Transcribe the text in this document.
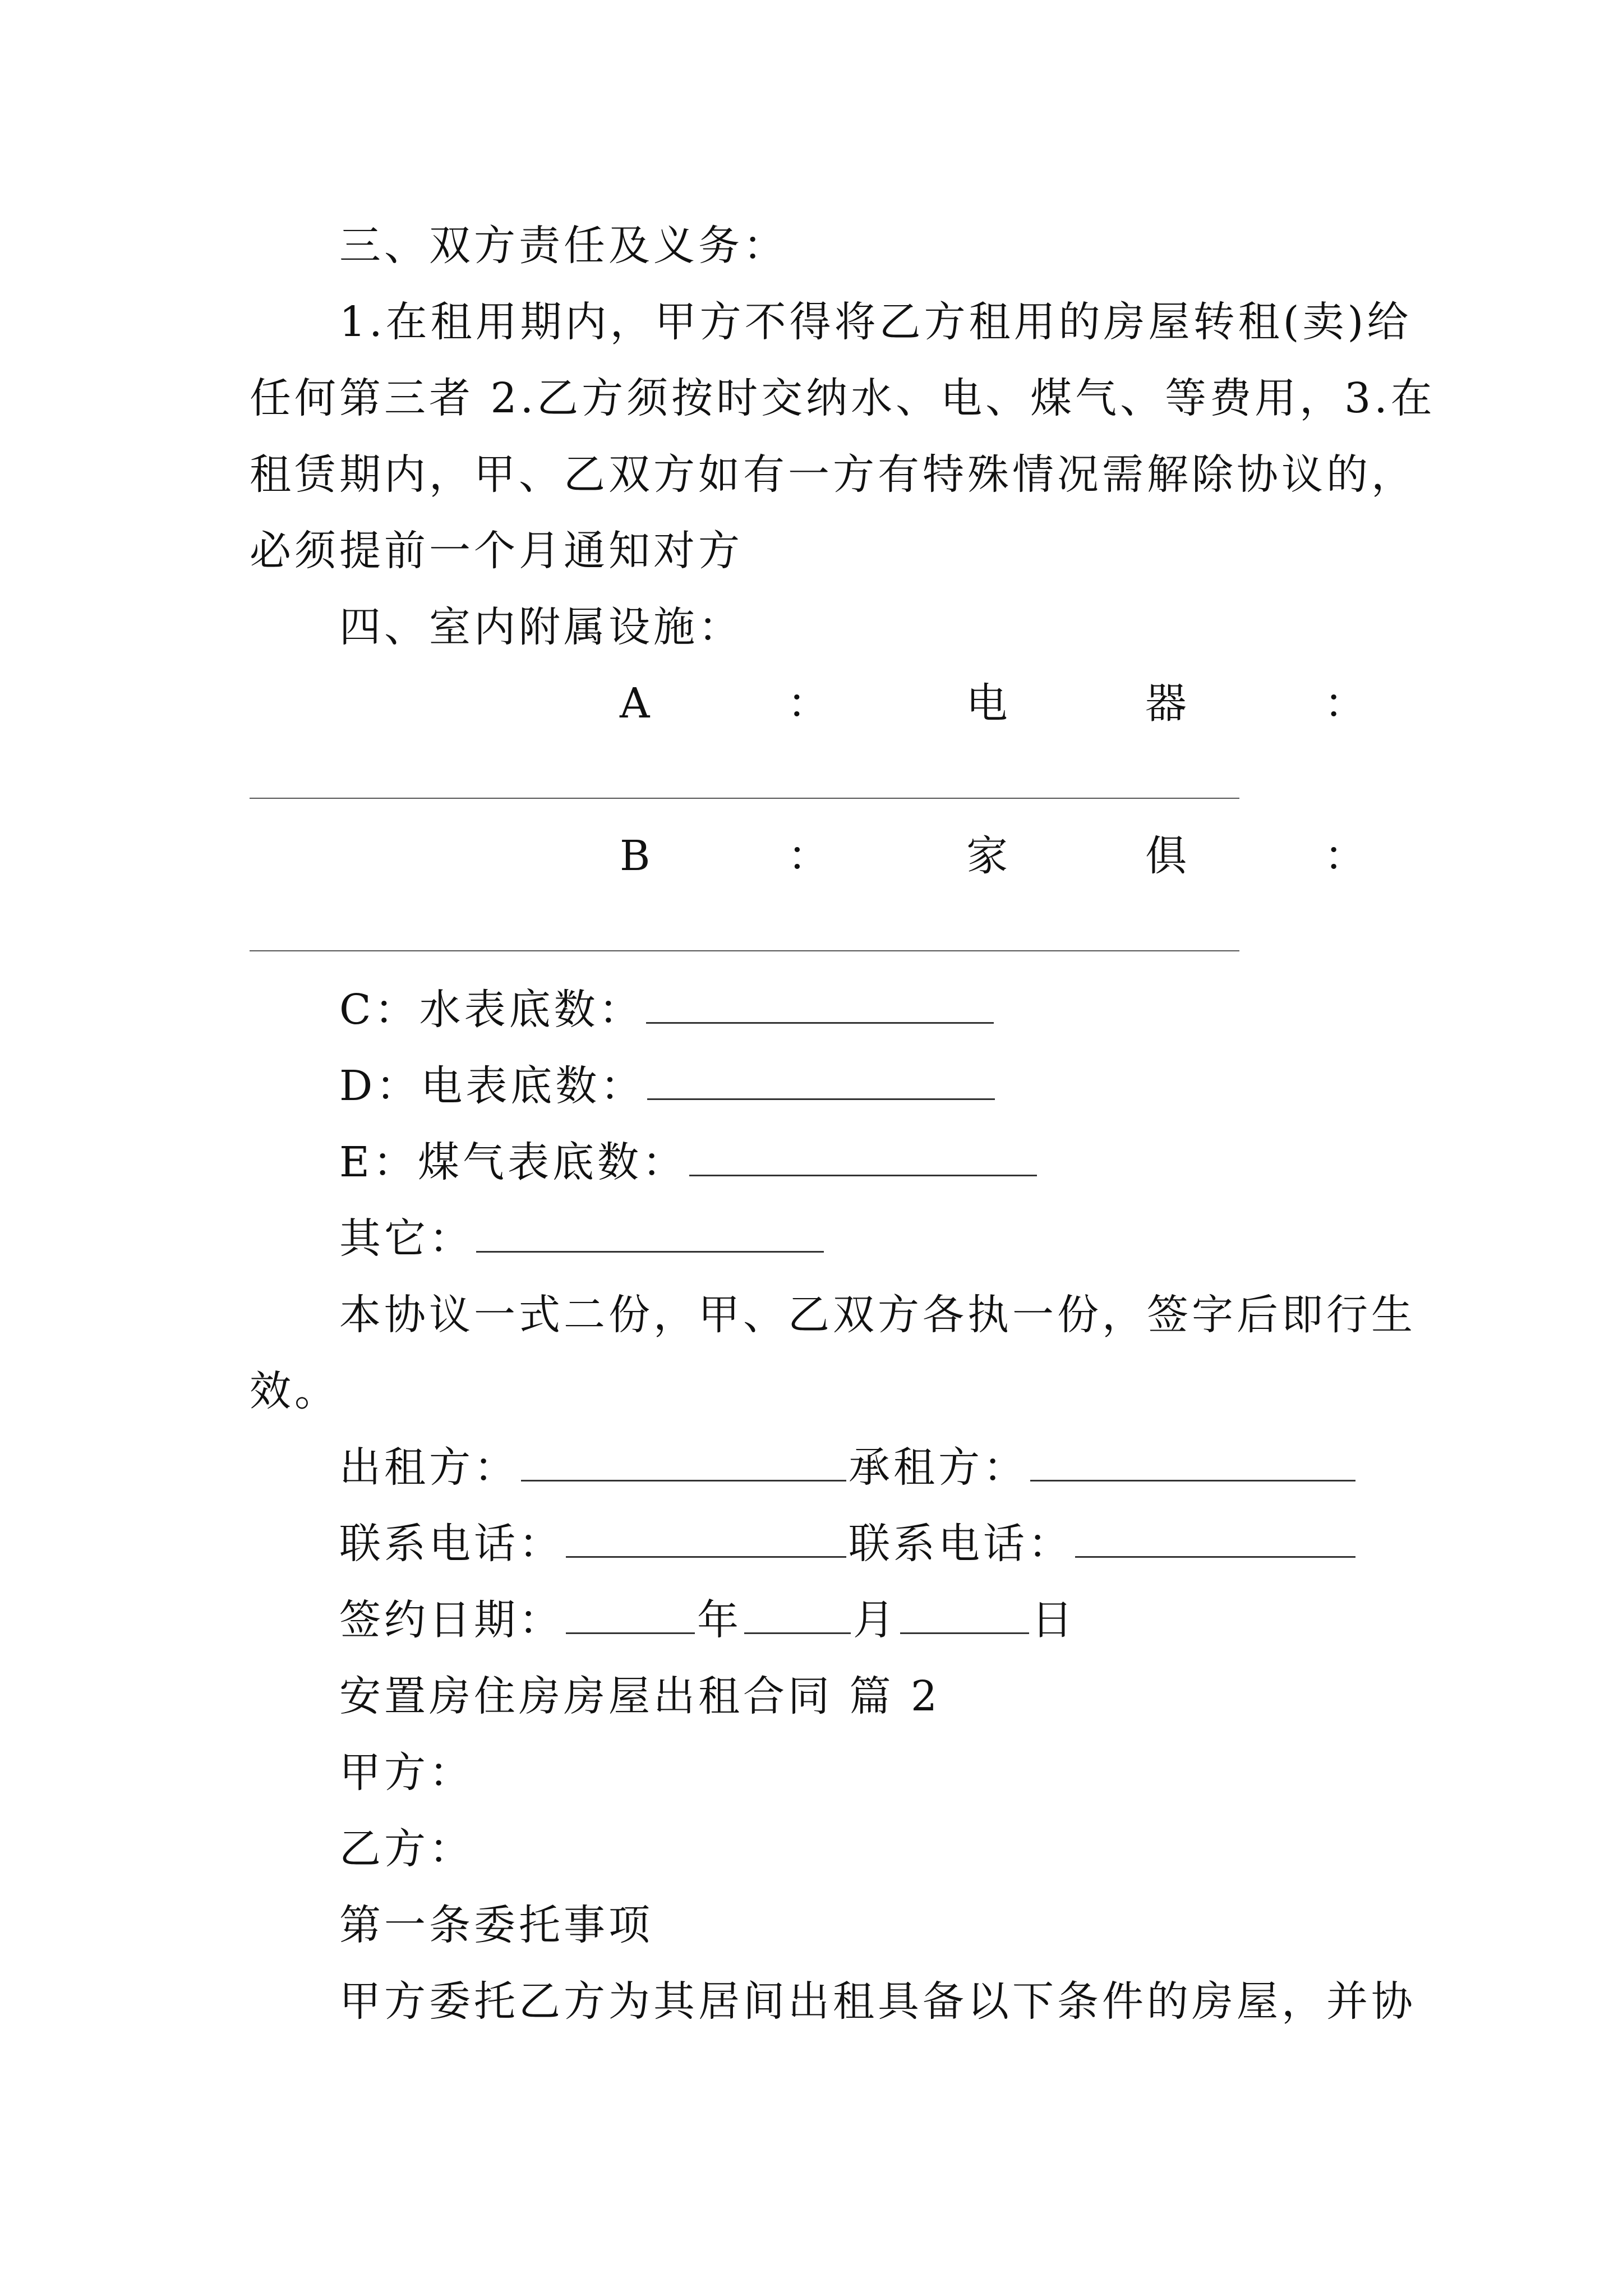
三、双方责任及义务：
1.在租用期内，甲方不得将乙方租用的房屋转租(卖)给
任何第三者 2.乙方须按时交纳水、电、煤气、等费用，3.在
租赁期内，甲、乙双方如有一方有特殊情况需解除协议的，
必须提前一个月通知对方
四、室内附属设施：
A	：	电	器	：
B	：	家	俱	：
C：水表底数：
D：电表底数：
E：煤气表底数：
其它：
本协议一式二份，甲、乙双方各执一份，签字后即行生
效。
出租方：	承租方：
联系电话：	联系电话：
签约日期：	年	月	日
安置房住房房屋出租合同 篇 2
甲方：
乙方：
第一条委托事项
甲方委托乙方为其居间出租具备以下条件的房屋，并协
